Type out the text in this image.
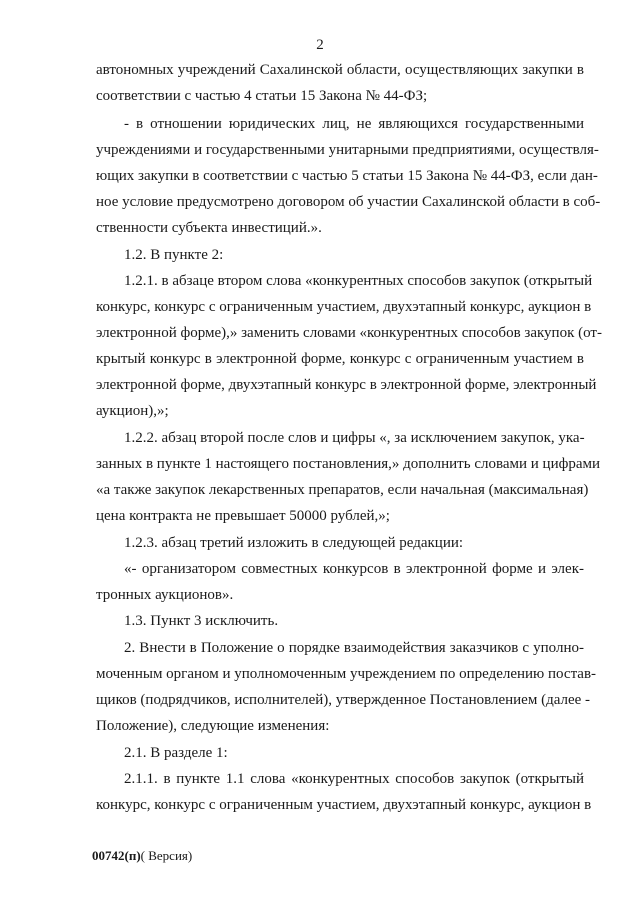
2
автономных учреждений Сахалинской области, осуществляющих закупки в
соответствии с частью 4 статьи 15 Закона № 44-ФЗ;
- в отношении юридических лиц, не являющихся государственными
учреждениями и государственными унитарными предприятиями, осуществля-
ющих закупки в соответствии с частью 5 статьи 15 Закона № 44-ФЗ, если дан-
ное условие предусмотрено договором об участии Сахалинской области в соб-
ственности субъекта инвестиций.».
1.2. В пункте 2:
1.2.1. в абзаце втором слова «конкурентных способов закупок (открытый
конкурс, конкурс с ограниченным участием, двухэтапный конкурс, аукцион в
электронной форме),» заменить словами «конкурентных способов закупок (от-
крытый конкурс в электронной форме, конкурс с ограниченным участием в
электронной форме, двухэтапный конкурс в электронной форме, электронный
аукцион),»;
1.2.2. абзац второй после слов и цифры «, за исключением закупок, ука-
занных в пункте 1 настоящего постановления,» дополнить словами и цифрами
«а также закупок лекарственных препаратов, если начальная (максимальная)
цена контракта не превышает 50000 рублей,»;
1.2.3. абзац третий изложить в следующей редакции:
«- организатором совместных конкурсов в электронной форме и элек-
тронных аукционов».
1.3. Пункт 3 исключить.
2. Внести в Положение о порядке взаимодействия заказчиков с уполно-
моченным органом и уполномоченным учреждением по определению постав-
щиков (подрядчиков, исполнителей), утвержденное Постановлением (далее -
Положение), следующие изменения:
2.1. В разделе 1:
2.1.1. в пункте 1.1 слова «конкурентных способов закупок (открытый
конкурс, конкурс с ограниченным участием, двухэтапный конкурс, аукцион в
00742(п)( Версия)
